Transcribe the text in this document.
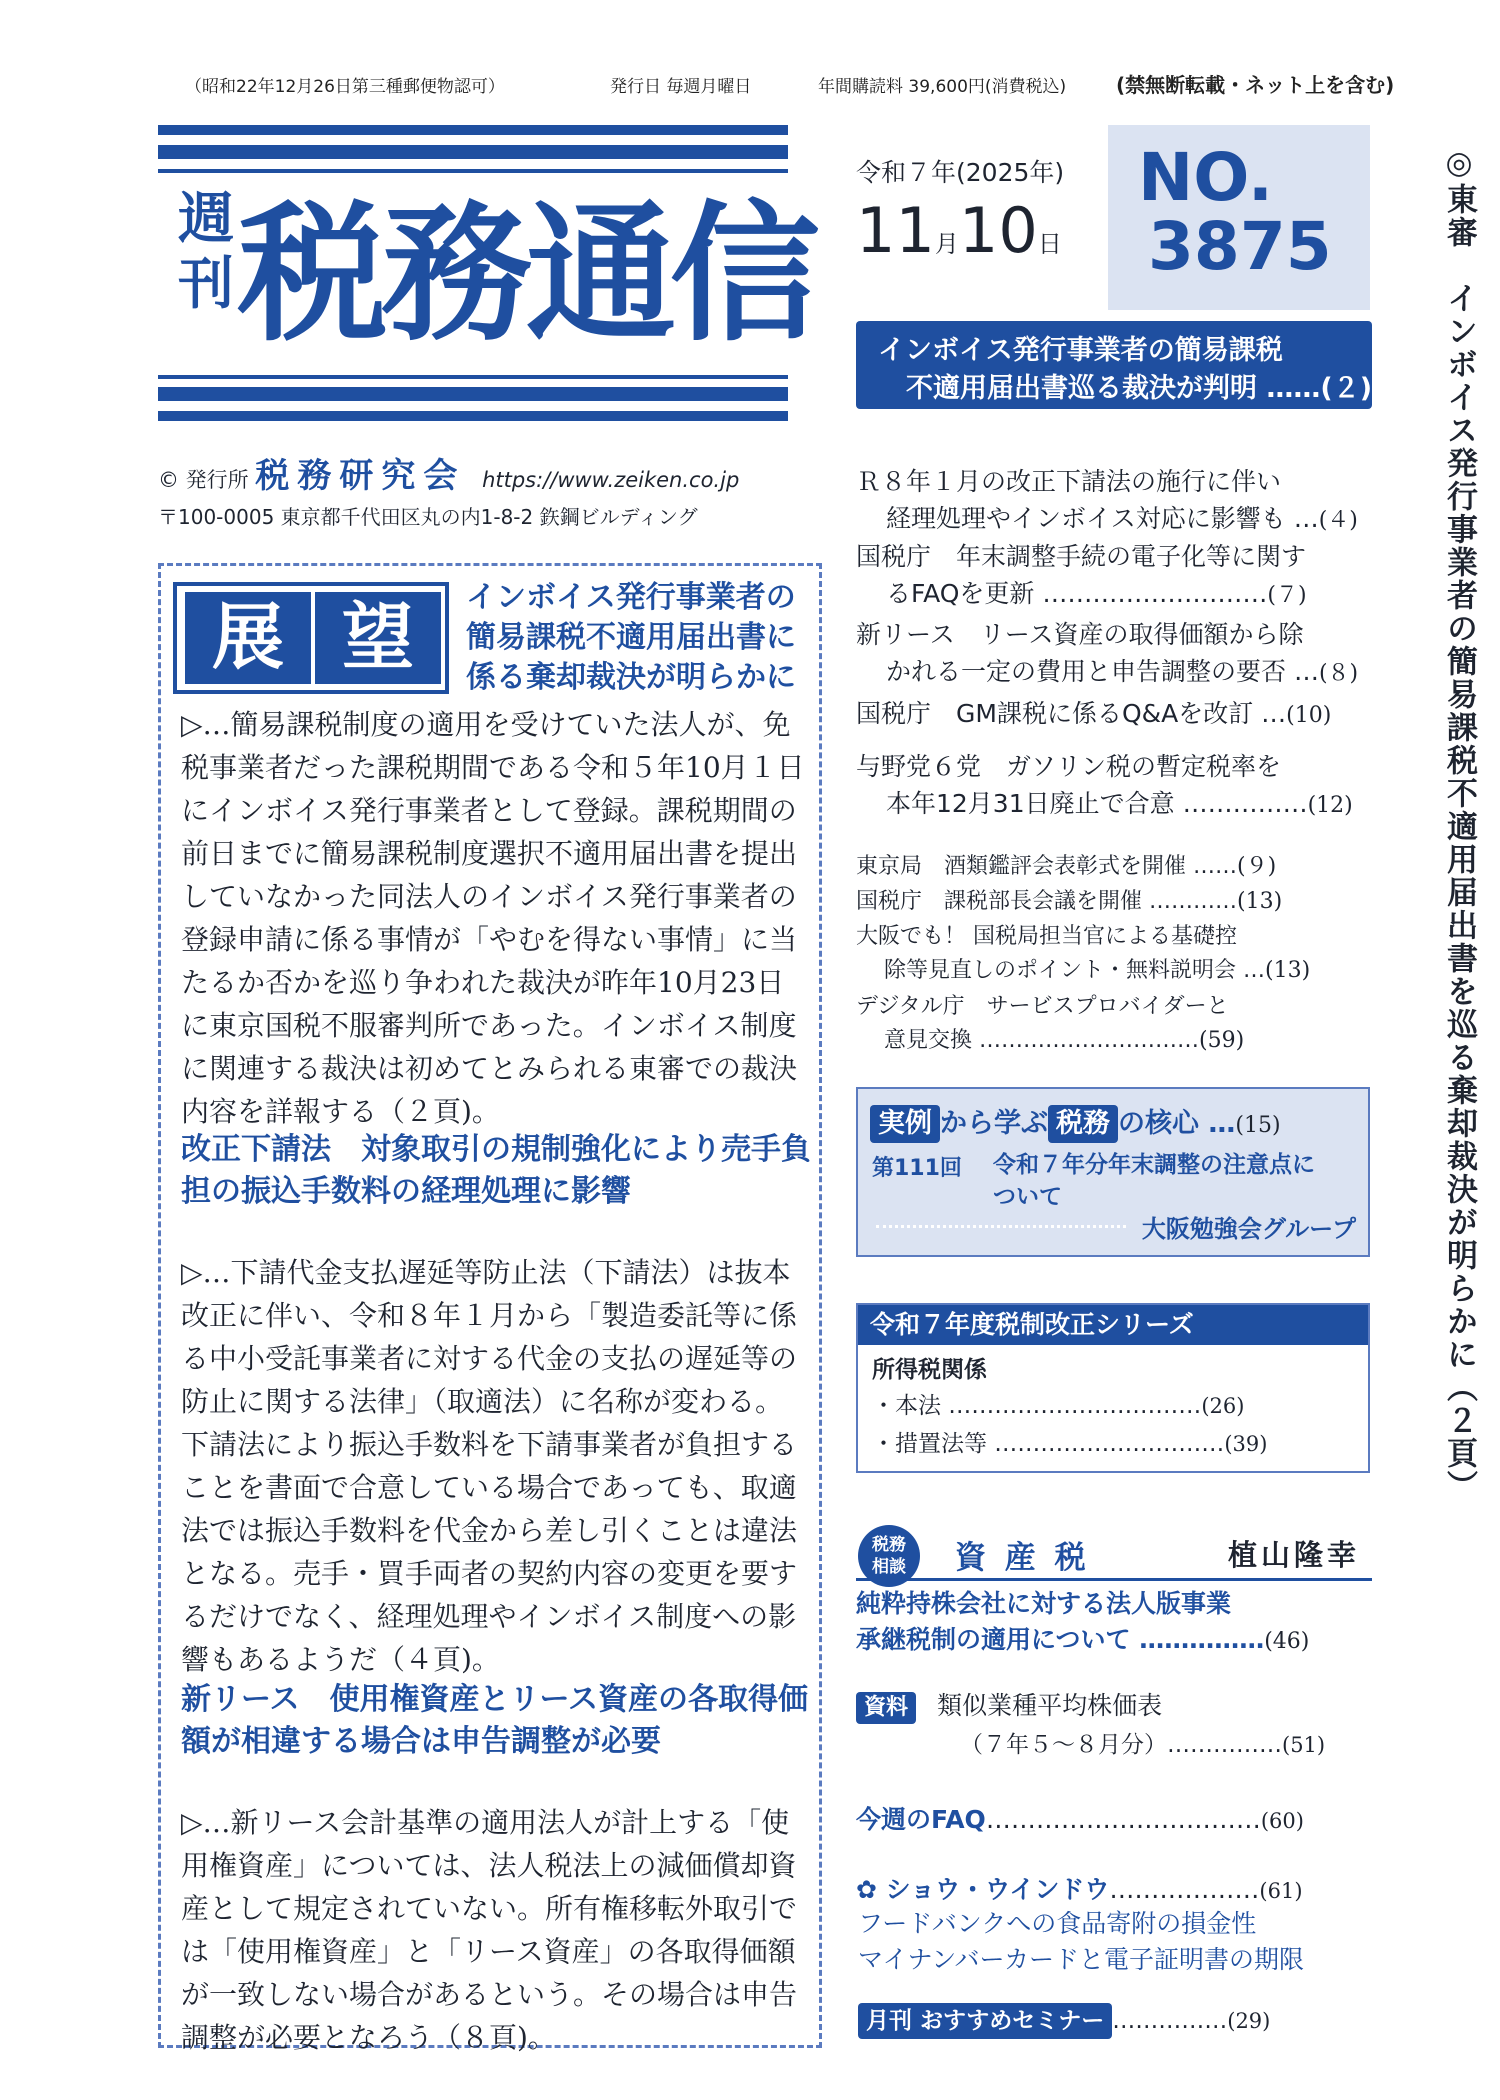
（昭和22年12月26日第三種郵便物認可）	発行日 毎週月曜日	年間購読料 39,600円(消費税込) (禁無断転載・ネット上を含む)
週
刊 税務通信
令和７年(2025年)
11月10日
NO.
3875
インボイス発行事業者の簡易課税
不適用届出書巡る裁決が判明 ……(２)
© 発行所 税務研究会 https://www.zeiken.co.jp
〒100-0005 東京都千代田区丸の内1-8-2 鉃鋼ビルディング
展 望	インボイス発行事業者の簡易課税不適用届出書に係る棄却裁決が明らかに
▷…簡易課税制度の適用を受けていた法人が、免税事業者だった課税期間である令和５年10月１日にインボイス発行事業者として登録。課税期間の前日までに簡易課税制度選択不適用届出書を提出していなかった同法人のインボイス発行事業者の登録申請に係る事情が「やむを得ない事情」に当たるか否かを巡り争われた裁決が昨年10月23日に東京国税不服審判所であった。インボイス制度に関連する裁決は初めてとみられる東審での裁決内容を詳報する（２頁)。
改正下請法　対象取引の規制強化により売手負担の振込手数料の経理処理に影響
▷…下請代金支払遅延等防止法（下請法）は抜本改正に伴い、令和８年１月から「製造委託等に係る中小受託事業者に対する代金の支払の遅延等の防止に関する法律」（取適法）に名称が変わる。下請法により振込手数料を下請事業者が負担することを書面で合意している場合であっても、取適法では振込手数料を代金から差し引くことは違法となる。売手・買手両者の契約内容の変更を要するだけでなく、経理処理やインボイス制度への影響もあるようだ（４頁)。
新リース　使用権資産とリース資産の各取得価額が相違する場合は申告調整が必要
▷…新リース会計基準の適用法人が計上する「使用権資産」については、法人税法上の減価償却資産として規定されていない。所有権移転外取引では「使用権資産」と「リース資産」の各取得価額が一致しない場合があるという。その場合は申告調整が必要となろう（８頁)。
Ｒ８年１月の改正下請法の施行に伴い
経理処理やインボイス対応に影響も …(４)
国税庁　年末調整手続の電子化等に関す
るFAQを更新 ………………………(７)
新リース　リース資産の取得価額から除
かれる一定の費用と申告調整の要否 …(８)
国税庁　GM課税に係るQ&Aを改訂 …(10)
与野党６党　ガソリン税の暫定税率を
本年12月31日廃止で合意 ……………(12)
東京局　酒類鑑評会表彰式を開催 ……(９)
国税庁　課税部長会議を開催 …………(13)
大阪でも！ 国税局担当官による基礎控
除等見直しのポイント・無料説明会 …(13)
デジタル庁　サービスプロバイダーと
意見交換 …………………………(59)
実例 から学ぶ 税務 の核心 …(15)
第111回 令和７年分年末調整の注意点に
ついて
大阪勉強会グループ
令和７年度税制改正シリーズ
所得税関係
・本法 ……………………………(26)
・措置法等 …………………………(39)
税務
相談	資 産 税	植山隆幸
純粋持株会社に対する法人版事業
承継税制の適用について ……………(46)
資料 類似業種平均株価表
（７年５～８月分）……………(51)
今週のFAQ……………………………(60)
✿ ショウ・ウインドウ………………(61)
フードバンクへの食品寄附の損金性
マイナンバーカードと電子証明書の期限
月刊 おすすめセミナー ……………(29)
◎東審　インボイス発行事業者の簡易課税不適用届出書を巡る棄却裁決が明らかに（２頁）
